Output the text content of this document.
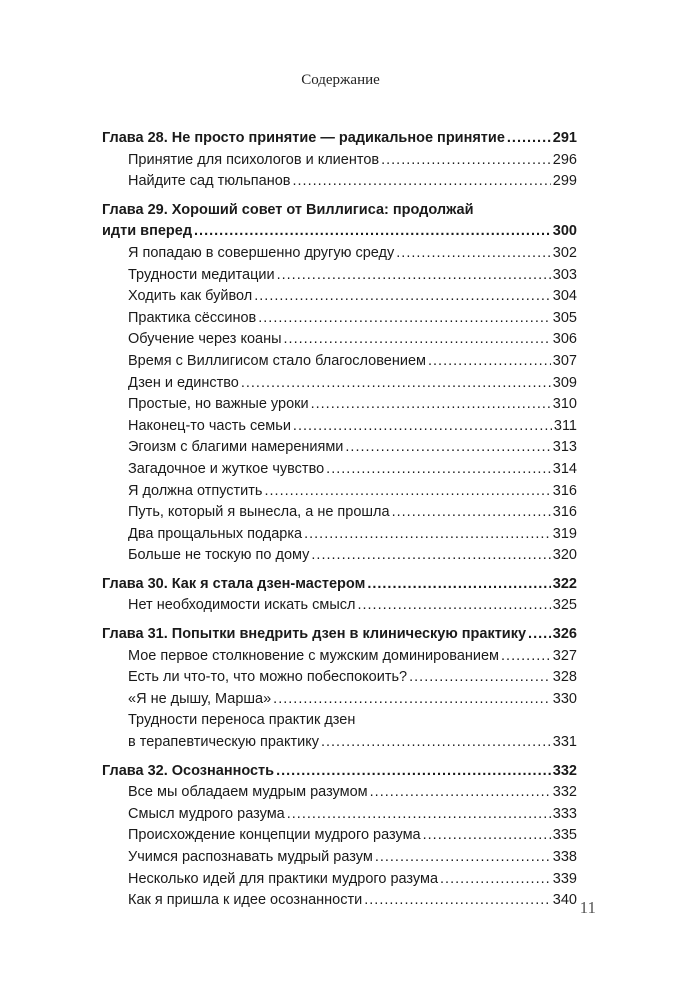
Содержание
Глава 28. Не просто принятие — радикальное принятие .....	291
Принятие для психологов и клиентов .....	296
Найдите сад тюльпанов .....	299
Глава 29. Хороший совет от Виллигиса: продолжай
идти вперед .....	300
Я попадаю в совершенно другую среду .....	302
Трудности медитации .....	303
Ходить как буйвол .....	304
Практика сёссинов .....	305
Обучение через коаны .....	306
Время с Виллигисом стало благословением .....	307
Дзен и единство .....	309
Простые, но важные уроки .....	310
Наконец-то часть семьи .....	311
Эгоизм с благими намерениями .....	313
Загадочное и жуткое чувство .....	314
Я должна отпустить .....	316
Путь, который я вынесла, а не прошла .....	316
Два прощальных подарка .....	319
Больше не тоскую по дому .....	320
Глава 30. Как я стала дзен-мастером .....	322
Нет необходимости искать смысл .....	325
Глава 31. Попытки внедрить дзен в клиническую практику ..... 326
Мое первое столкновение с мужским доминированием .....	327
Есть ли что-то, что можно побеспокоить? .....	328
«Я не дышу, Марша» .....	330
Трудности переноса практик дзен
в терапевтическую практику .....	331
Глава 32. Осознанность .....	332
Все мы обладаем мудрым разумом .....	332
Смысл мудрого разума .....	333
Происхождение концепции мудрого разума .....	335
Учимся распознавать мудрый разум .....	338
Несколько идей для практики мудрого разума .....	339
Как я пришла к идее осознанности .....	340 11
